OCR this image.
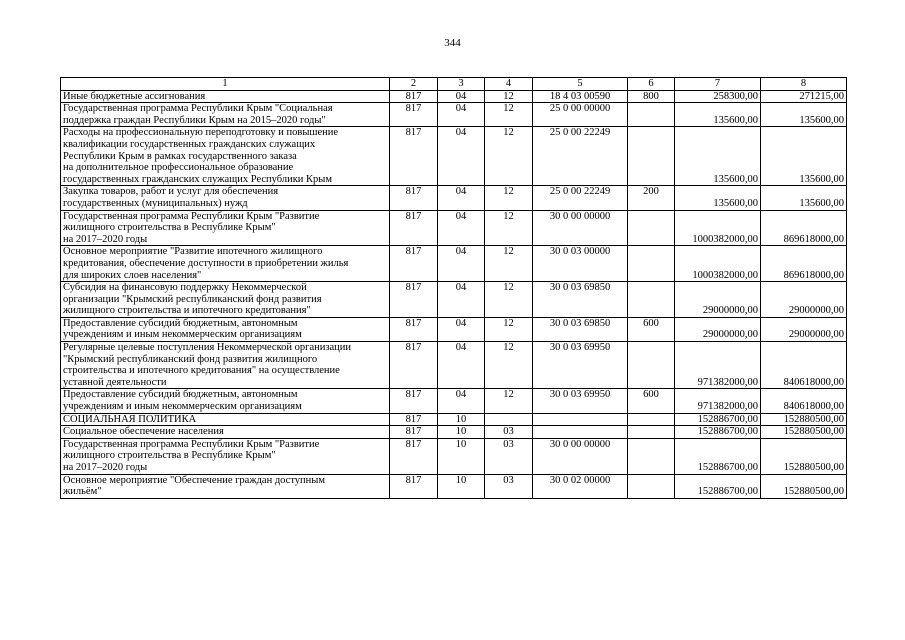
344
1	2	3	4	5	6	7	8
Иные бюджетные ассигнования	817	04	12	18 4 03 00590	800	258300,00	271215,00
Государственная программа Республики Крым "Социальная
поддержка граждан Республики Крым на 2015–2020 годы"	817	04	12	25 0 00 00000		135600,00	135600,00
Расходы на профессиональную переподготовку и повышение
квалификации государственных гражданских служащих
Республики Крым в рамках государственного заказа
на дополнительное профессиональное образование
государственных гражданских служащих Республики Крым	817	04	12	25 0 00 22249		135600,00	135600,00
Закупка товаров, работ и услуг для обеспечения
государственных (муниципальных) нужд	817	04	12	25 0 00 22249	200	135600,00	135600,00
Государственная программа Республики Крым "Развитие
жилищного строительства в Республике Крым"
на 2017–2020 годы	817	04	12	30 0 00 00000		1000382000,00	869618000,00
Основное мероприятие "Развитие ипотечного жилищного
кредитования, обеспечение доступности в приобретении жилья
для широких слоев населения"	817	04	12	30 0 03 00000		1000382000,00	869618000,00
Субсидия на финансовую поддержку Некоммерческой
организации "Крымский республиканский фонд развития
жилищного строительства и ипотечного кредитования"	817	04	12	30 0 03 69850		29000000,00	29000000,00
Предоставление субсидий бюджетным, автономным
учреждениям и иным некоммерческим организациям	817	04	12	30 0 03 69850	600	29000000,00	29000000,00
Регулярные целевые поступления Некоммерческой организации
"Крымский республиканский фонд развития жилищного
строительства и ипотечного кредитования" на осуществление
уставной деятельности	817	04	12	30 0 03 69950		971382000,00	840618000,00
Предоставление субсидий бюджетным, автономным
учреждениям и иным некоммерческим организациям	817	04	12	30 0 03 69950	600	971382000,00	840618000,00
СОЦИАЛЬНАЯ ПОЛИТИКА	817	10				152886700,00	152880500,00
Социальное обеспечение населения	817	10	03			152886700,00	152880500,00
Государственная программа Республики Крым "Развитие
жилищного строительства в Республике Крым"
на 2017–2020 годы	817	10	03	30 0 00 00000		152886700,00	152880500,00
Основное мероприятие "Обеспечение граждан доступным
жильём"	817	10	03	30 0 02 00000		152886700,00	152880500,00
